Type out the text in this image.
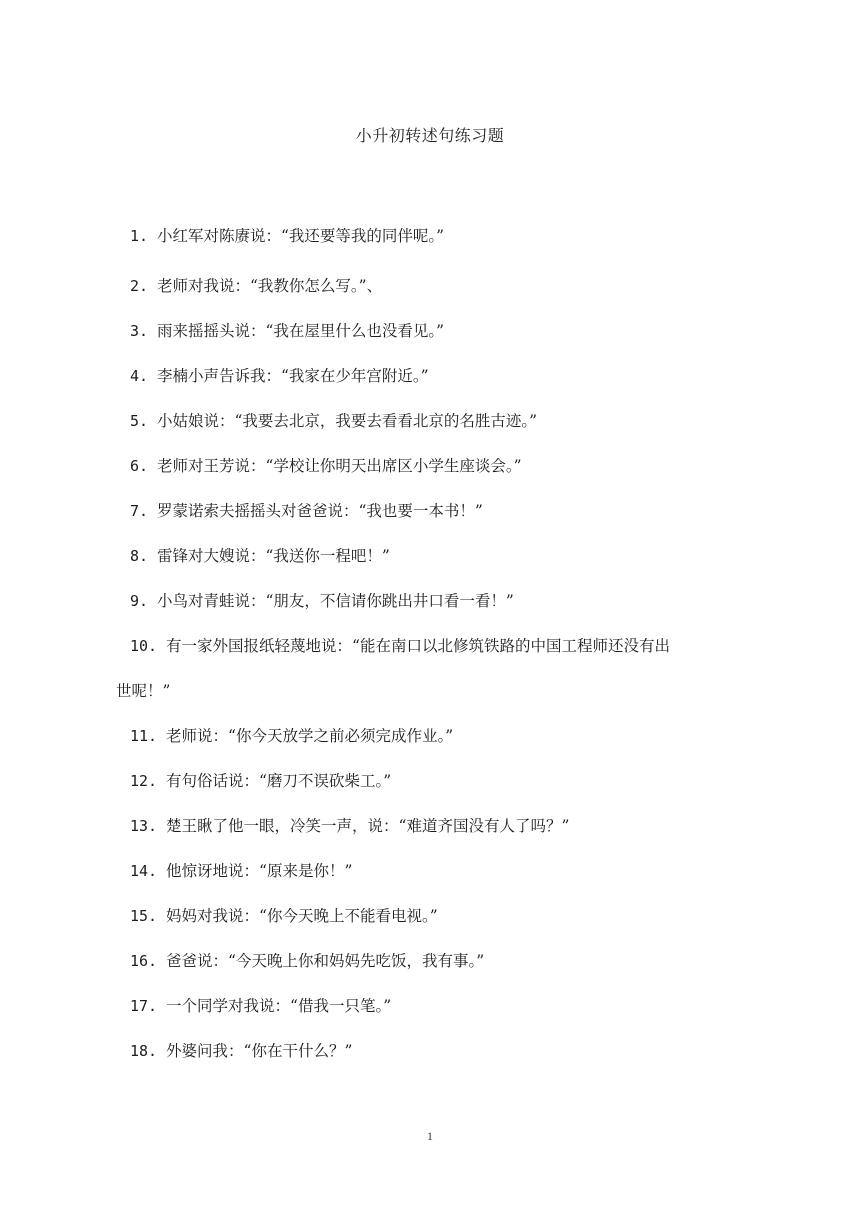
小升初转述句练习题
1. 小红军对陈赓说：“我还要等我的同伴呢。”
2. 老师对我说：“我教你怎么写。”、
3. 雨来摇摇头说：“我在屋里什么也没看见。”
4. 李楠小声告诉我：“我家在少年宫附近。”
5. 小姑娘说：“我要去北京，我要去看看北京的名胜古迹。”
6. 老师对王芳说：“学校让你明天出席区小学生座谈会。”
7. 罗蒙诺索夫摇摇头对爸爸说：“我也要一本书！”
8. 雷锋对大嫂说：“我送你一程吧！”
9. 小鸟对青蛙说：“朋友，不信请你跳出井口看一看！”
10. 有一家外国报纸轻蔑地说：“能在南口以北修筑铁路的中国工程师还没有出
世呢！”
11. 老师说：“你今天放学之前必须完成作业。”
12. 有句俗话说：“磨刀不误砍柴工。”
13. 楚王瞅了他一眼，冷笑一声，说：“难道齐国没有人了吗？”
14. 他惊讶地说：“原来是你！”
15. 妈妈对我说：“你今天晚上不能看电视。”
16. 爸爸说：“今天晚上你和妈妈先吃饭，我有事。”
17. 一个同学对我说：“借我一只笔。”
18. 外婆问我：“你在干什么？”
1
